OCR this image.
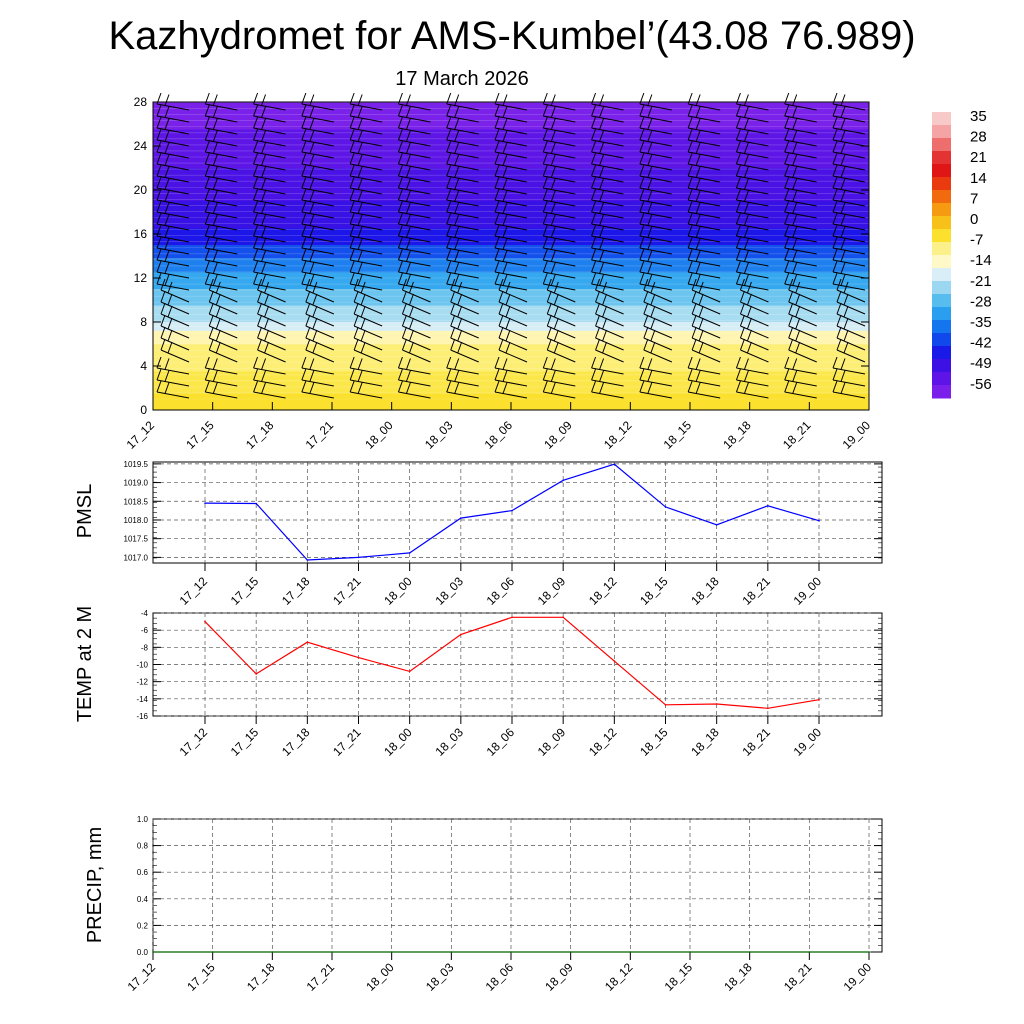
Kazhydromet for AMS-Kumbel’(43.08 76.989)
17 March 2026
0
4
8
12
16
20
24
28
17_12 17_15 17_18 17_21 18_00 18_03 18_06 18_09 18_12 18_15 18_18 18_21 19_00
35
28
21
14
7
0
-7
-14
-21
-28
-35
-42
-49
-56
1017.0
1017.5
1018.0
1018.5
1019.0
1019.5
17_12 17_15 17_18 17_21 18_00 18_03 18_06 18_09 18_12 18_15 18_18 18_21 19_00
PMSL
-4
-6
-8
-10
-12
-14
-16
17_12 17_15 17_18 17_21 18_00 18_03 18_06 18_09 18_12 18_15 18_18 18_21 19_00
TEMP at 2 M
0.0
0.2
0.4
0.6
0.8
1.0
17_12 17_15 17_18 17_21 18_00 18_03 18_06 18_09 18_12 18_15 18_18 18_21 19_00
PRECIP, mm
